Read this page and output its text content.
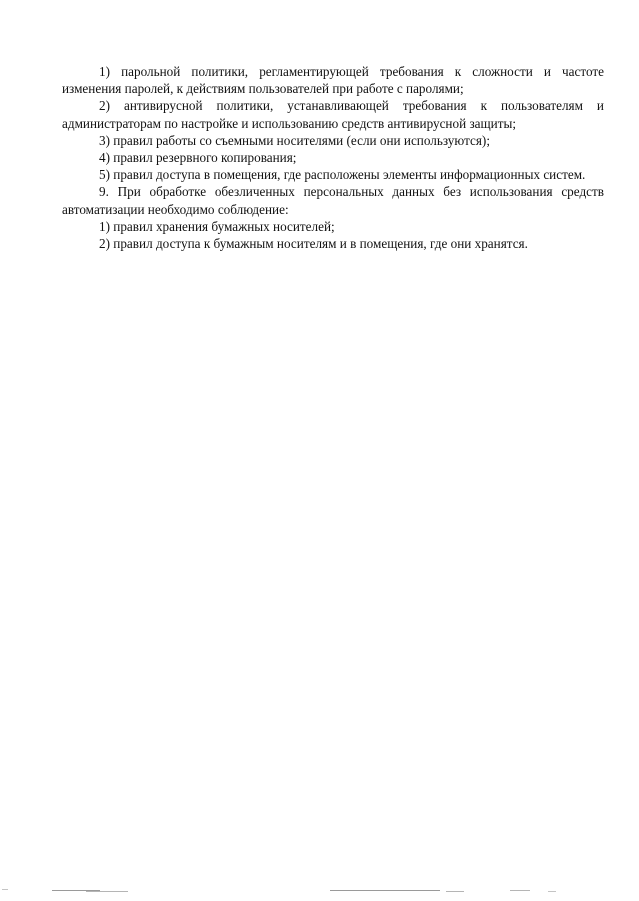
1) парольной политики, регламентирующей требования к сложности и частоте изменения паролей, к действиям пользователей при работе с паролями;

2) антивирусной политики, устанавливающей требования к пользователям и администраторам по настройке и использованию средств антивирусной защиты;

3) правил работы со съемными носителями (если они используются);

4) правил резервного копирования;

5) правил доступа в помещения, где расположены элементы информационных систем.

9. При обработке обезличенных персональных данных без использования средств автоматизации необходимо соблюдение:

1) правил хранения бумажных носителей;

2) правил доступа к бумажным носителям и в помещения, где они хранятся.
